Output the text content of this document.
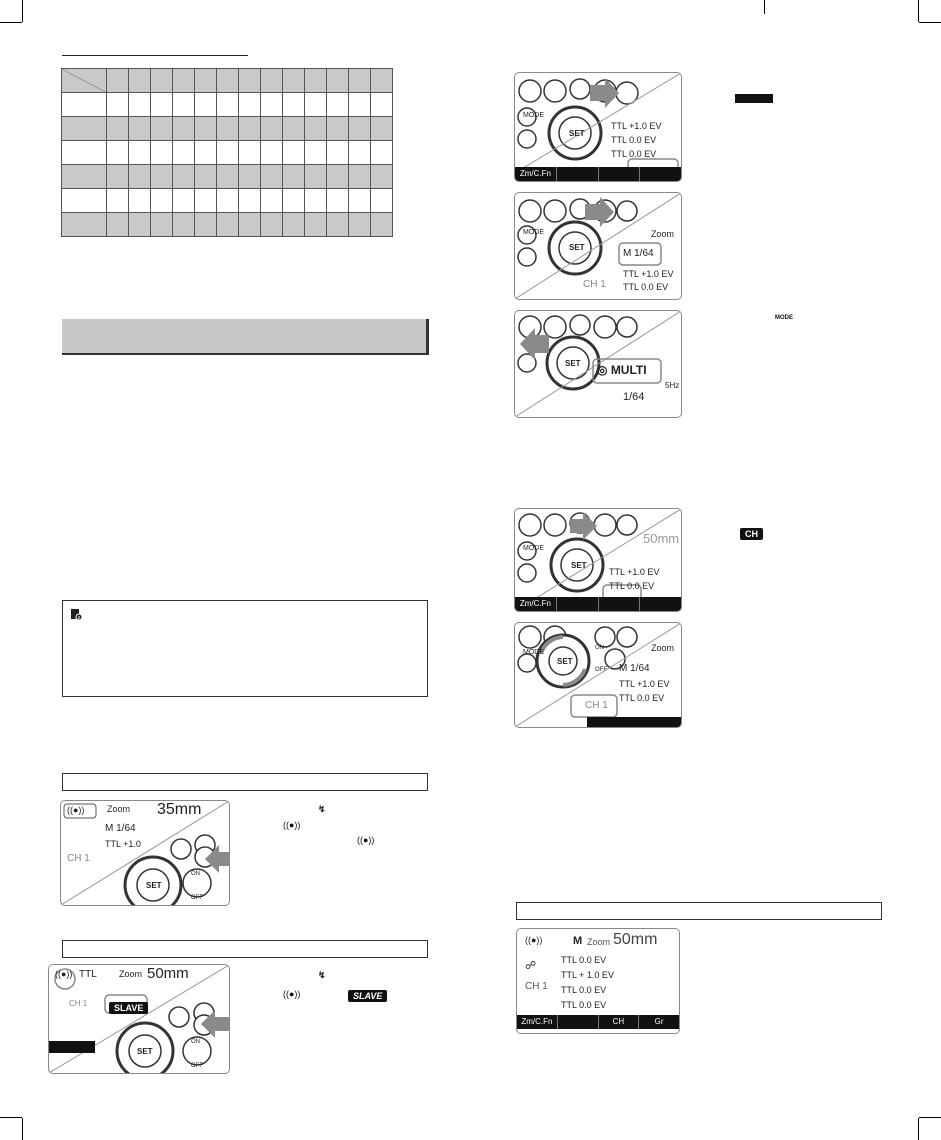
MODE
SET
TTL +1.0 EV
TTL 0.0 EV
TTL 0.0 EV
Zm/C.Fn
MODE
SET
Zoom
M 1/64
CH 1
TTL +1.0 EV
TTL 0.0 EV
SET ◎ MULTI
5Hz
1/64
MODE
MODE
SET
50mm
TTL +1.0 EV
TTL 0.0 EV
Zm/C.Fn
CH
MODE
SET
ON
OFF
Zoom
M 1/64
TTL +1.0 EV
TTL 0.0 EV
CH 1
((●))	Zoom 35mm
M 1/64
TTL +1.0
CH 1
SET
ON
OFF
((●)) TTL Zoom 50mm
CH 1	SLAVE
SET
ON
OFF
SLAVE
((●))	M Zoom 50mm
☍
CH 1
TTL 0.0 EV
TTL + 1.0 EV
TTL 0.0 EV
TTL 0.0 EV
Zm/C.Fn	CH	Gr
↯
((●))
((●))
↯
((●))
